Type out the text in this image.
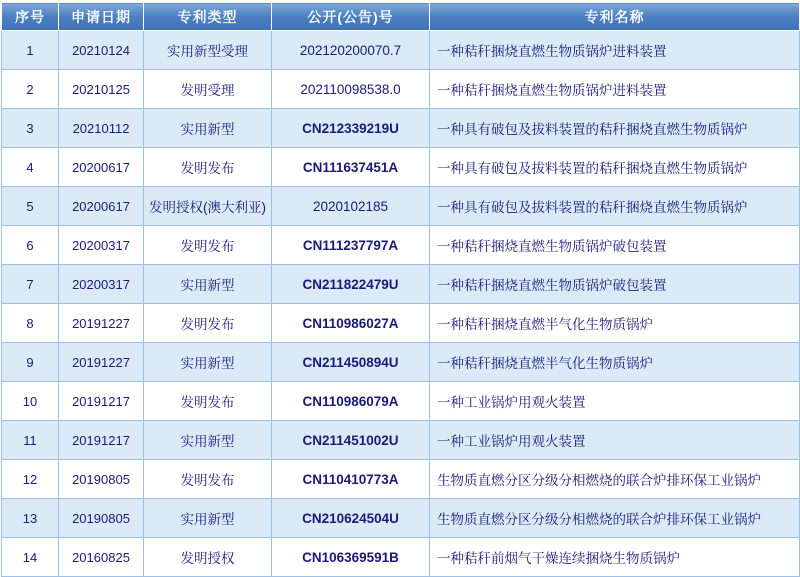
序号	申请日期	专利类型	公开(公告)号	专利名称
1	20210124	实用新型受理	202120200070.7	一种秸秆捆烧直燃生物质锅炉进料装置
2	20210125	发明受理	202110098538.0	一种秸秆捆烧直燃生物质锅炉进料装置
3	20210112	实用新型	CN212339219U	一种具有破包及拔料装置的秸秆捆烧直燃生物质锅炉
4	20200617	发明发布	CN111637451A	一种具有破包及拔料装置的秸秆捆烧直燃生物质锅炉
5	20200617	发明授权(澳大利亚)	2020102185	一种具有破包及拔料装置的秸秆捆烧直燃生物质锅炉
6	20200317	发明发布	CN111237797A	一种秸秆捆烧直燃生物质锅炉破包装置
7	20200317	实用新型	CN211822479U	一种秸秆捆烧直燃生物质锅炉破包装置
8	20191227	发明发布	CN110986027A	一种秸秆捆烧直燃半气化生物质锅炉
9	20191227	实用新型	CN211450894U	一种秸秆捆烧直燃半气化生物质锅炉
10	20191217	发明发布	CN110986079A	一种工业锅炉用观火装置
11	20191217	实用新型	CN211451002U	一种工业锅炉用观火装置
12	20190805	发明发布	CN110410773A	生物质直燃分区分级分相燃烧的联合炉排环保工业锅炉
13	20190805	实用新型	CN210624504U	生物质直燃分区分级分相燃烧的联合炉排环保工业锅炉
14	20160825	发明授权	CN106369591B	一种秸秆前烟气干燥连续捆烧生物质锅炉
